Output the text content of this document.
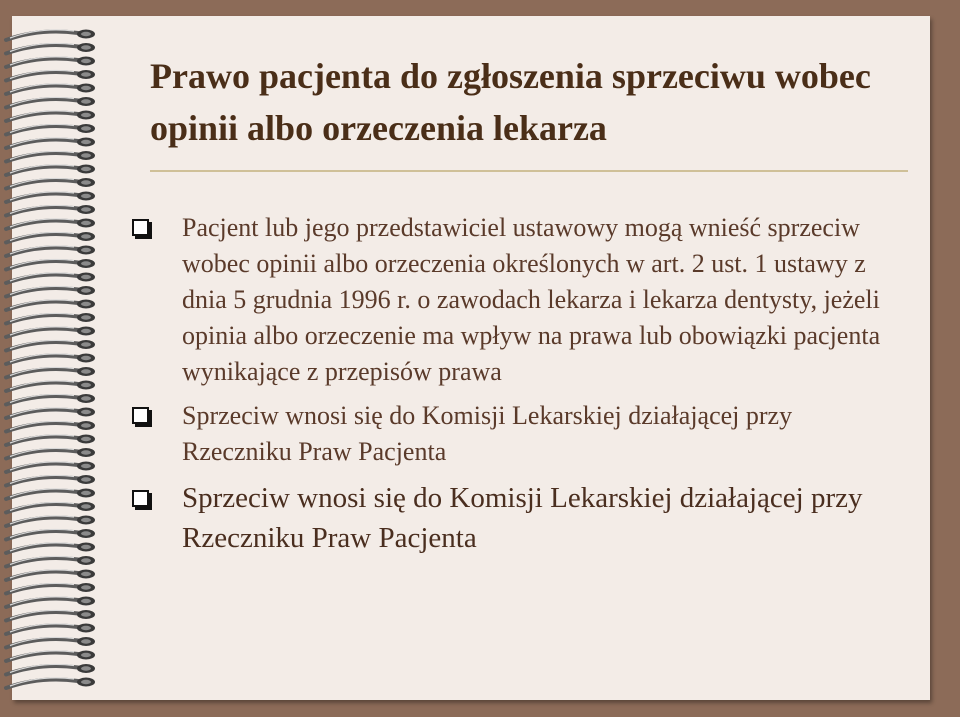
Prawo pacjenta do zgłoszenia sprzeciwu wobec opinii albo orzeczenia lekarza
Pacjent lub jego przedstawiciel ustawowy mogą wnieść sprzeciw wobec opinii albo orzeczenia określonych w art. 2 ust. 1 ustawy z dnia 5 grudnia 1996 r. o zawodach lekarza i lekarza dentysty, jeżeli opinia albo orzeczenie ma wpływ na prawa lub obowiązki pacjenta wynikające z przepisów prawa
Sprzeciw wnosi się do Komisji Lekarskiej działającej przy Rzeczniku Praw Pacjenta
Sprzeciw wnosi się do Komisji Lekarskiej działającej przy Rzeczniku Praw Pacjenta
